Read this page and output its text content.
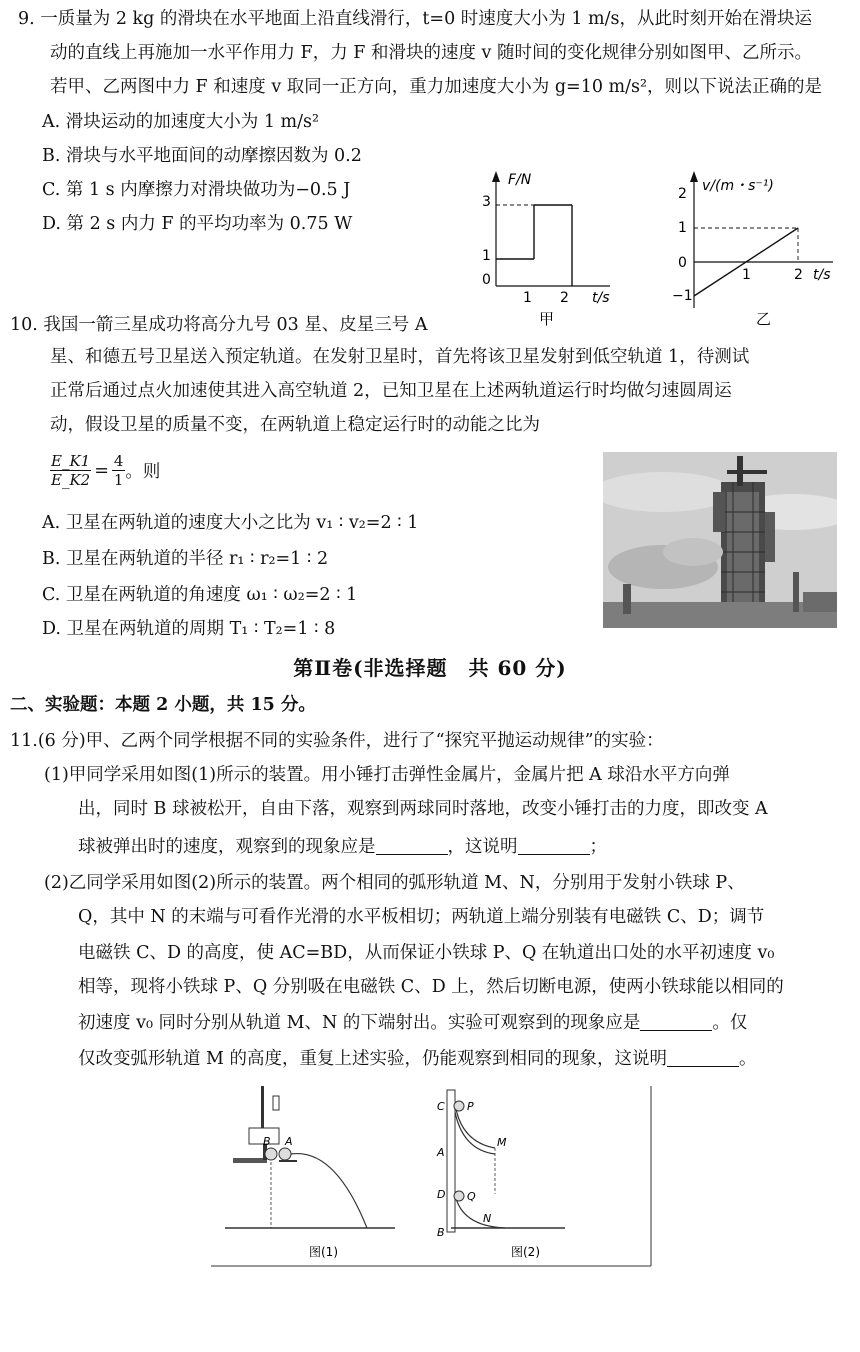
9. 一质量为 2 kg 的滑块在水平地面上沿直线滑行，t=0 时速度大小为 1 m/s，从此时刻开始在滑块运
动的直线上再施加一水平作用力 F，力 F 和滑块的速度 v 随时间的变化规律分别如图甲、乙所示。
若甲、乙两图中力 F 和速度 v 取同一正方向，重力加速度大小为 g=10 m/s²，则以下说法正确的是
A. 滑块运动的加速度大小为 1 m/s²
B. 滑块与水平地面间的动摩擦因数为 0.2
C. 第 1 s 内摩擦力对滑块做功为−0.5 J
D. 第 2 s 内力 F 的平均功率为 0.75 W
F/N
3
1
0
1 2 t/s
甲
v/(m・s⁻¹)
2
1
0
−1
1	2 t/s
乙
10. 我国一箭三星成功将高分九号 03 星、皮星三号 A
星、和德五号卫星送入预定轨道。在发射卫星时，首先将该卫星发射到低空轨道 1，待测试
正常后通过点火加速使其进入高空轨道 2，已知卫星在上述两轨道运行时均做匀速圆周运
动，假设卫星的质量不变，在两轨道上稳定运行时的动能之比为
$\frac{E\_K1}{E\_K2} = \frac{4}{1}$ 。则
A. 卫星在两轨道的速度大小之比为 v₁ ∶ v₂=2 ∶ 1
B. 卫星在两轨道的半径 r₁ ∶ r₂=1 ∶ 2
C. 卫星在两轨道的角速度 ω₁ ∶ ω₂=2 ∶ 1
D. 卫星在两轨道的周期 T₁ ∶ T₂=1 ∶ 8
第Ⅱ卷(非选择题　共 60 分)
二、实验题：本题 2 小题，共 15 分。
11.(6 分)甲、乙两个同学根据不同的实验条件，进行了“探究平抛运动规律”的实验：
(1)甲同学采用如图(1)所示的装置。用小锤打击弹性金属片，金属片把 A 球沿水平方向弹
出，同时 B 球被松开，自由下落，观察到两球同时落地，改变小锤打击的力度，即改变 A
球被弹出时的速度，观察到的现象应是	，这说明	；
(2)乙同学采用如图(2)所示的装置。两个相同的弧形轨道 M、N，分别用于发射小铁球 P、
Q，其中 N 的末端与可看作光滑的水平板相切；两轨道上端分别装有电磁铁 C、D；调节
电磁铁 C、D 的高度，使 AC=BD，从而保证小铁球 P、Q 在轨道出口处的水平初速度 v₀
相等，现将小铁球 P、Q 分别吸在电磁铁 C、D 上，然后切断电源，使两小铁球能以相同的
初速度 v₀ 同时分别从轨道 M、N 的下端射出。实验可观察到的现象应是	。仅
仅改变弧形轨道 M 的高度，重复上述实验，仍能观察到相同的现象，这说明	。
B A
图(1)
C P
M
A
D Q
N
B
图(2)
